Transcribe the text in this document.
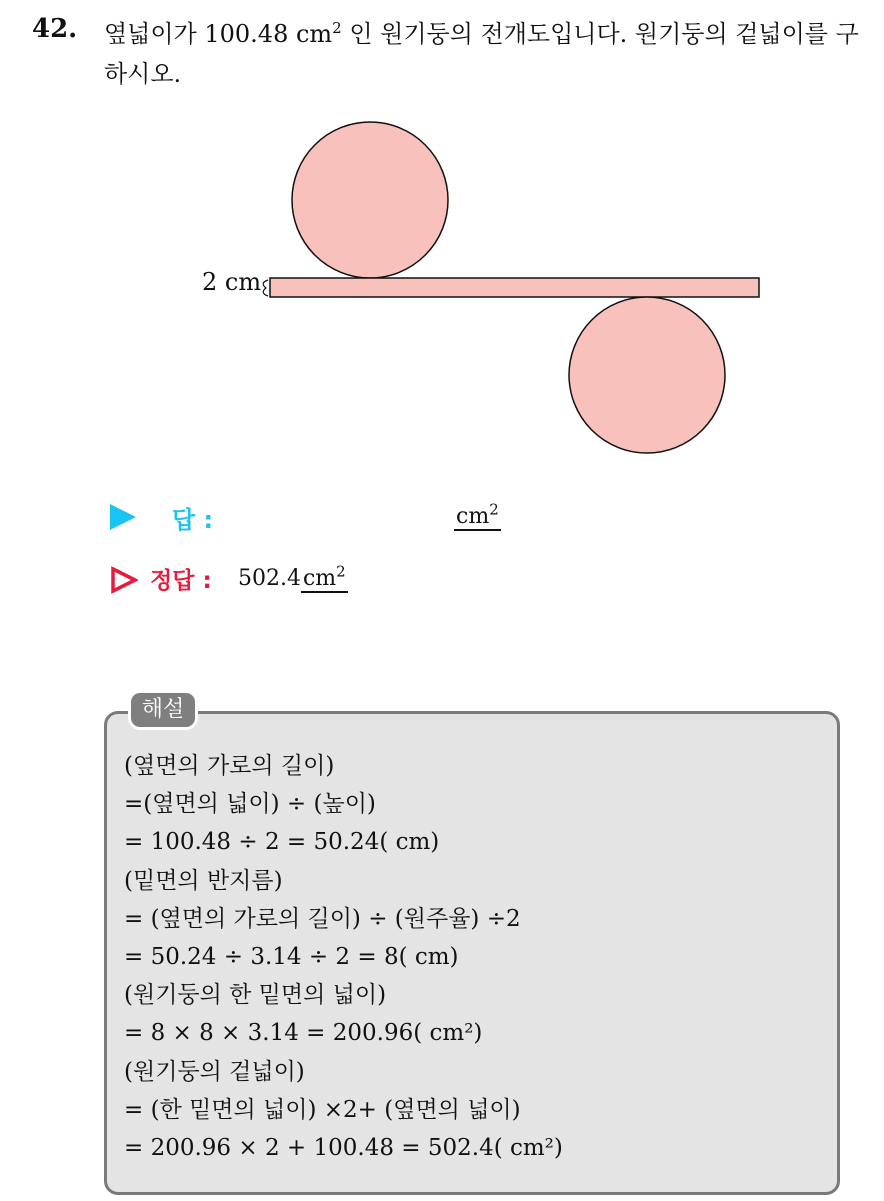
42. 옆넓이가 100.48 $cm^2$ 인 원기둥의 전개도입니다. 원기둥의 겉넓이를 구하시오.
2 cm
답 :	$cm^2$
정답 : $502.4cm^2$
해설
(옆면의 가로의 길이)
=(옆면의 넓이) ÷ (높이)
= 100.48 ÷ 2 = 50.24( cm)
(밑면의 반지름)
= (옆면의 가로의 길이) ÷ (원주율) ÷2
= 50.24 ÷ 3.14 ÷ 2 = 8( cm)
(원기둥의 한 밑면의 넓이)
= 8 × 8 × 3.14 = 200.96( cm²)
(원기둥의 겉넓이)
= (한 밑면의 넓이) ×2+ (옆면의 넓이)
= 200.96 × 2 + 100.48 = 502.4( cm²)
